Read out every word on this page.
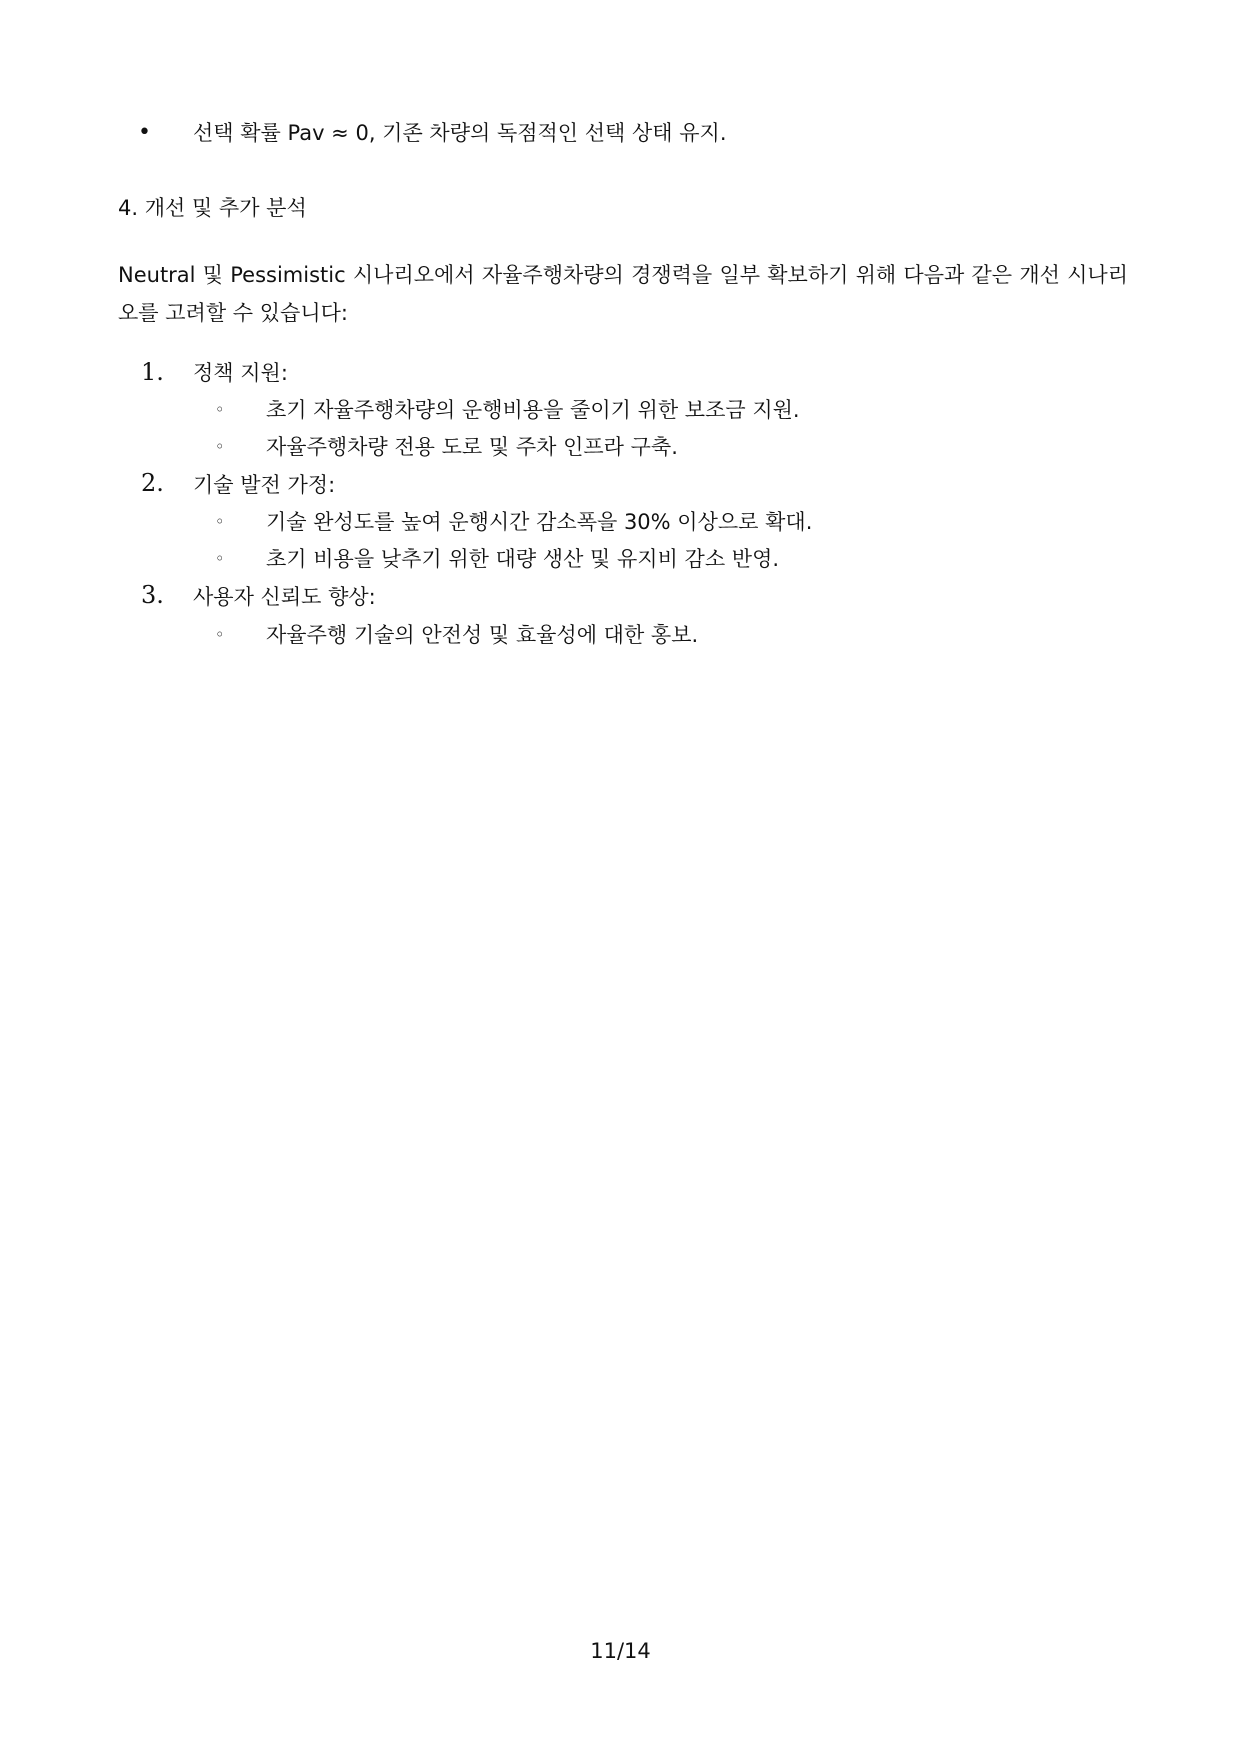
• 선택 확률 Pav ≈ 0, 기존 차량의 독점적인 선택 상태 유지.
4. 개선 및 추가 분석
Neutral 및 Pessimistic 시나리오에서 자율주행차량의 경쟁력을 일부 확보하기 위해 다음과 같은 개선 시나리오를 고려할 수 있습니다:
1. 정책 지원:
◦ 초기 자율주행차량의 운행비용을 줄이기 위한 보조금 지원.
◦ 자율주행차량 전용 도로 및 주차 인프라 구축.
2. 기술 발전 가정:
◦ 기술 완성도를 높여 운행시간 감소폭을 30% 이상으로 확대.
◦ 초기 비용을 낮추기 위한 대량 생산 및 유지비 감소 반영.
3. 사용자 신뢰도 향상:
◦ 자율주행 기술의 안전성 및 효율성에 대한 홍보.
11/14
